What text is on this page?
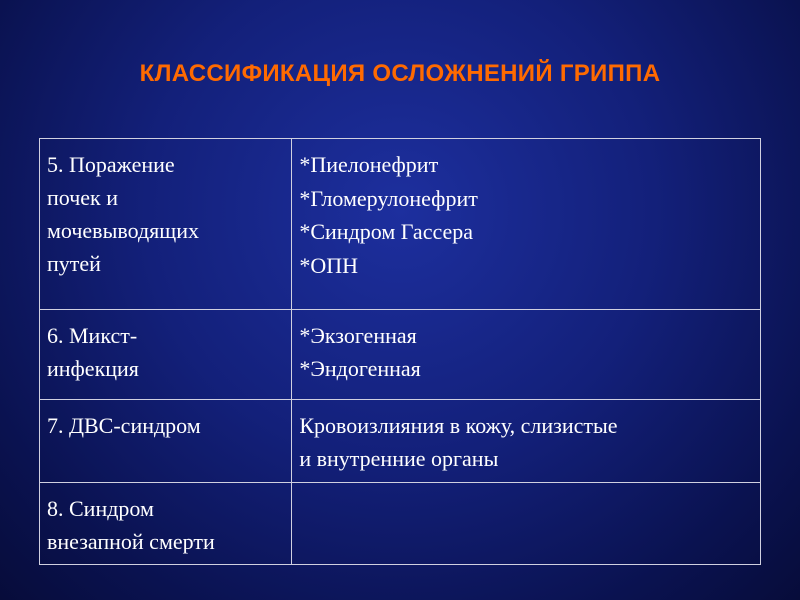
КЛАССИФИКАЦИЯ ОСЛОЖНЕНИЙ ГРИППА
5. Поражение
почек и
мочевыводящих
путей	*Пиелонефрит
*Гломерулонефрит
*Синдром Гассера
*ОПН

6. Микст-
инфекция	*Экзогенная
*Эндогенная

7. ДВС-синдром	Кровоизлияния в кожу, слизистые
и внутренние органы

8. Синдром
внезапной смерти	
